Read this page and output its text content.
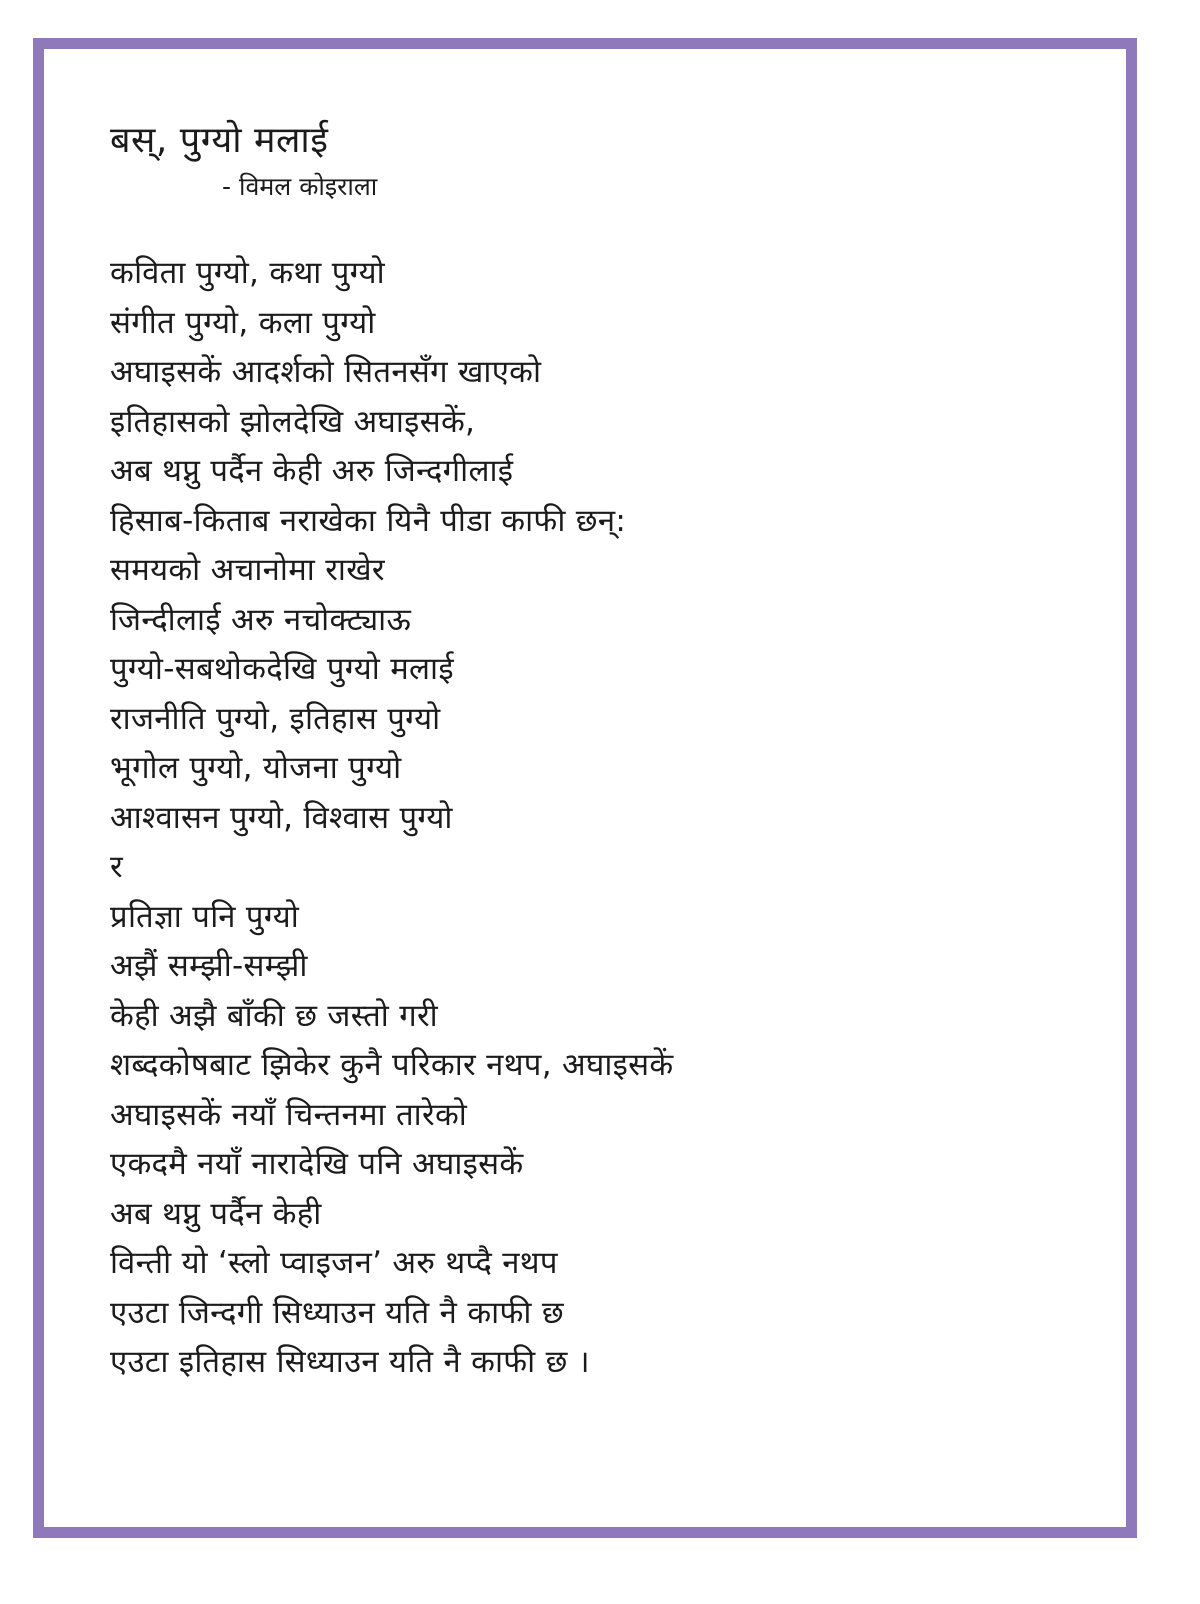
बस्, पुग्यो मलाई
- विमल कोइराला
कविता पुग्यो, कथा पुग्यो
संगीत पुग्यो, कला पुग्यो
अघाइसकें आदर्शको सितनसँग खाएको
इतिहासको झोलदेखि अघाइसकें,
अब थप्नु पर्दैन केही अरु जिन्दगीलाई
हिसाब-किताब नराखेका यिनै पीडा काफी छन्:
समयको अचानोमा राखेर
जिन्दीलाई अरु नचोक्ट्याऊ
पुग्यो-सबथोकदेखि पुग्यो मलाई
राजनीति पुग्यो, इतिहास पुग्यो
भूगोल पुग्यो, योजना पुग्यो
आश्वासन पुग्यो, विश्वास पुग्यो
र
प्रतिज्ञा पनि पुग्यो
अझैं सम्झी-सम्झी
केही अझै बाँकी छ जस्तो गरी
शब्दकोषबाट झिकेर कुनै परिकार नथप, अघाइसकें
अघाइसकें नयाँ चिन्तनमा तारेको
एकदमै नयाँ नारादेखि पनि अघाइसकें
अब थप्नु पर्दैन केही
विन्ती यो ‘स्लो प्वाइजन’ अरु थप्दै नथप
एउटा जिन्दगी सिध्याउन यति नै काफी छ
एउटा इतिहास सिध्याउन यति नै काफी छ ।
